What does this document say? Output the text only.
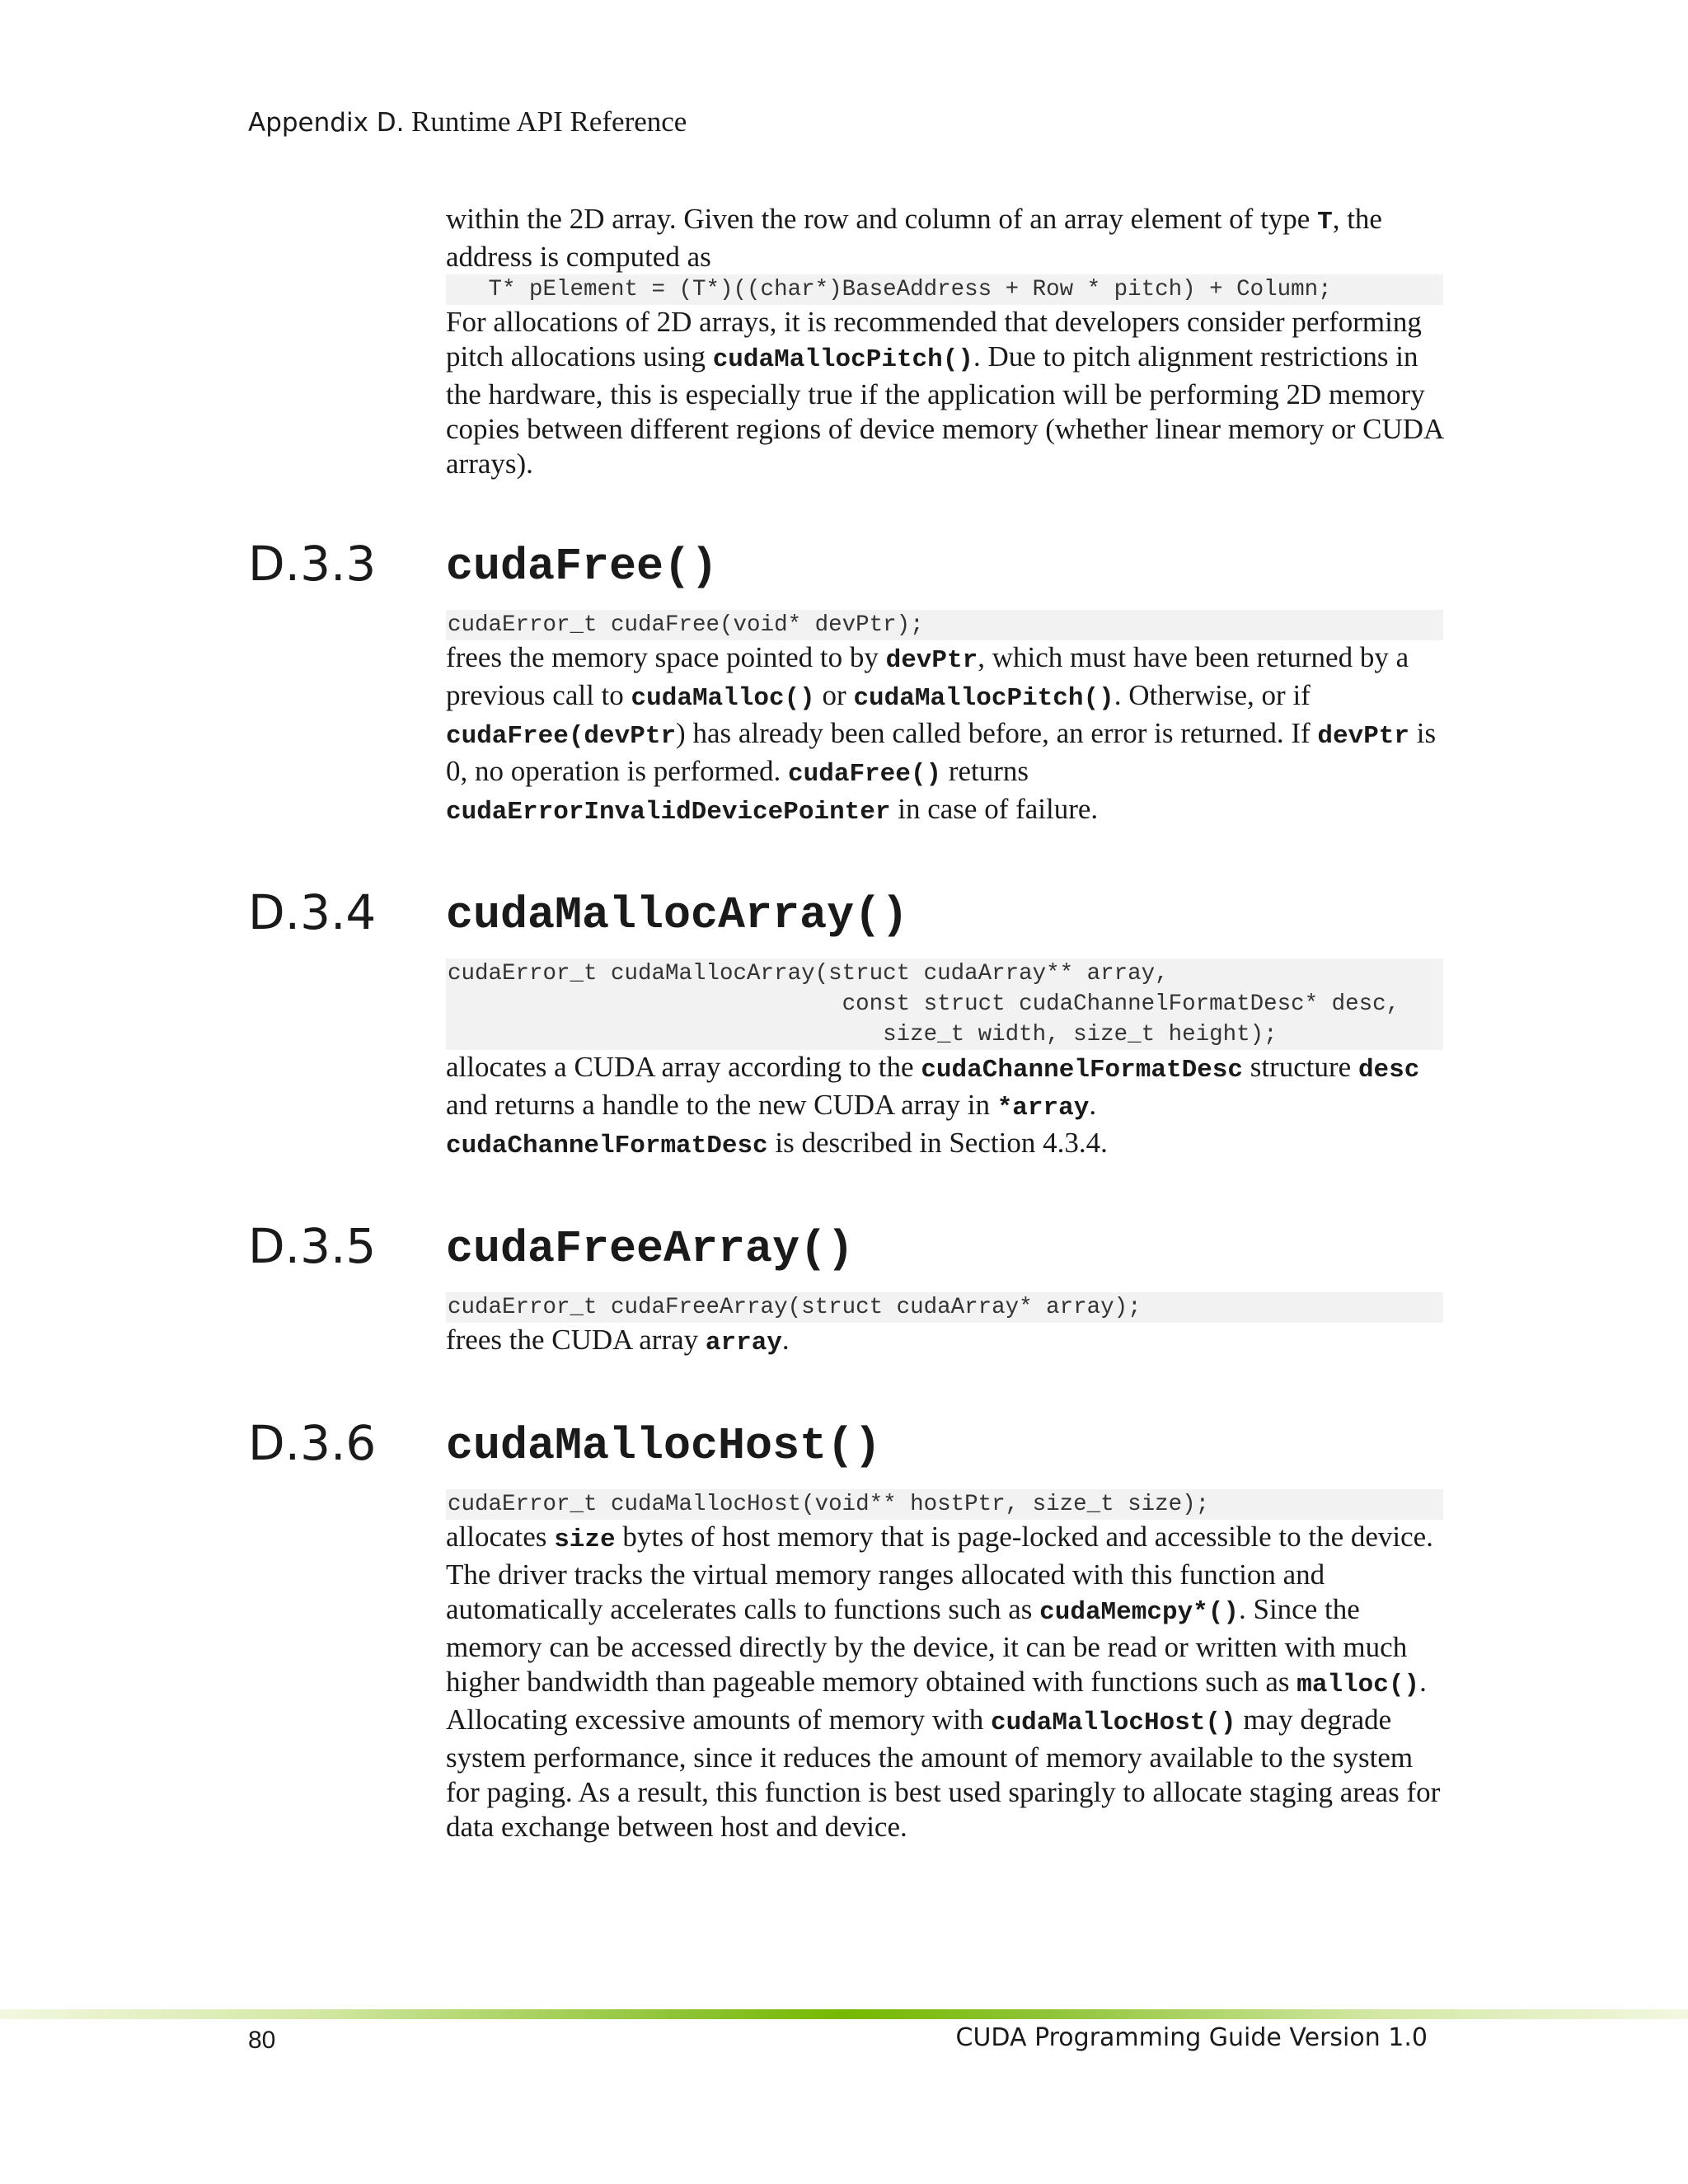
Appendix D. Runtime API Reference

within the 2D array. Given the row and column of an array element of type T, the address is computed as

T* pElement = (T*)((char*)BaseAddress + Row * pitch) + Column;

For allocations of 2D arrays, it is recommended that developers consider performing pitch allocations using cudaMallocPitch(). Due to pitch alignment restrictions in the hardware, this is especially true if the application will be performing 2D memory copies between different regions of device memory (whether linear memory or CUDA arrays).

D.3.3 cudaFree()
cudaError_t cudaFree(void* devPtr);

frees the memory space pointed to by devPtr, which must have been returned by a previous call to cudaMalloc() or cudaMallocPitch(). Otherwise, or if cudaFree(devPtr) has already been called before, an error is returned. If devPtr is 0, no operation is performed. cudaFree() returns cudaErrorInvalidDevicePointer in case of failure.

D.3.4 cudaMallocArray()
cudaError_t cudaMallocArray(struct cudaArray** array,
const struct cudaChannelFormatDesc* desc,
size_t width, size_t height);

allocates a CUDA array according to the cudaChannelFormatDesc structure desc and returns a handle to the new CUDA array in *array.
cudaChannelFormatDesc is described in Section 4.3.4.

D.3.5 cudaFreeArray()
cudaError_t cudaFreeArray(struct cudaArray* array);

frees the CUDA array array.

D.3.6 cudaMallocHost()
cudaError_t cudaMallocHost(void** hostPtr, size_t size);

allocates size bytes of host memory that is page-locked and accessible to the device. The driver tracks the virtual memory ranges allocated with this function and automatically accelerates calls to functions such as cudaMemcpy*(). Since the memory can be accessed directly by the device, it can be read or written with much higher bandwidth than pageable memory obtained with functions such as malloc(). Allocating excessive amounts of memory with cudaMallocHost() may degrade system performance, since it reduces the amount of memory available to the system for paging. As a result, this function is best used sparingly to allocate staging areas for data exchange between host and device.

80	CUDA Programming Guide Version 1.0
